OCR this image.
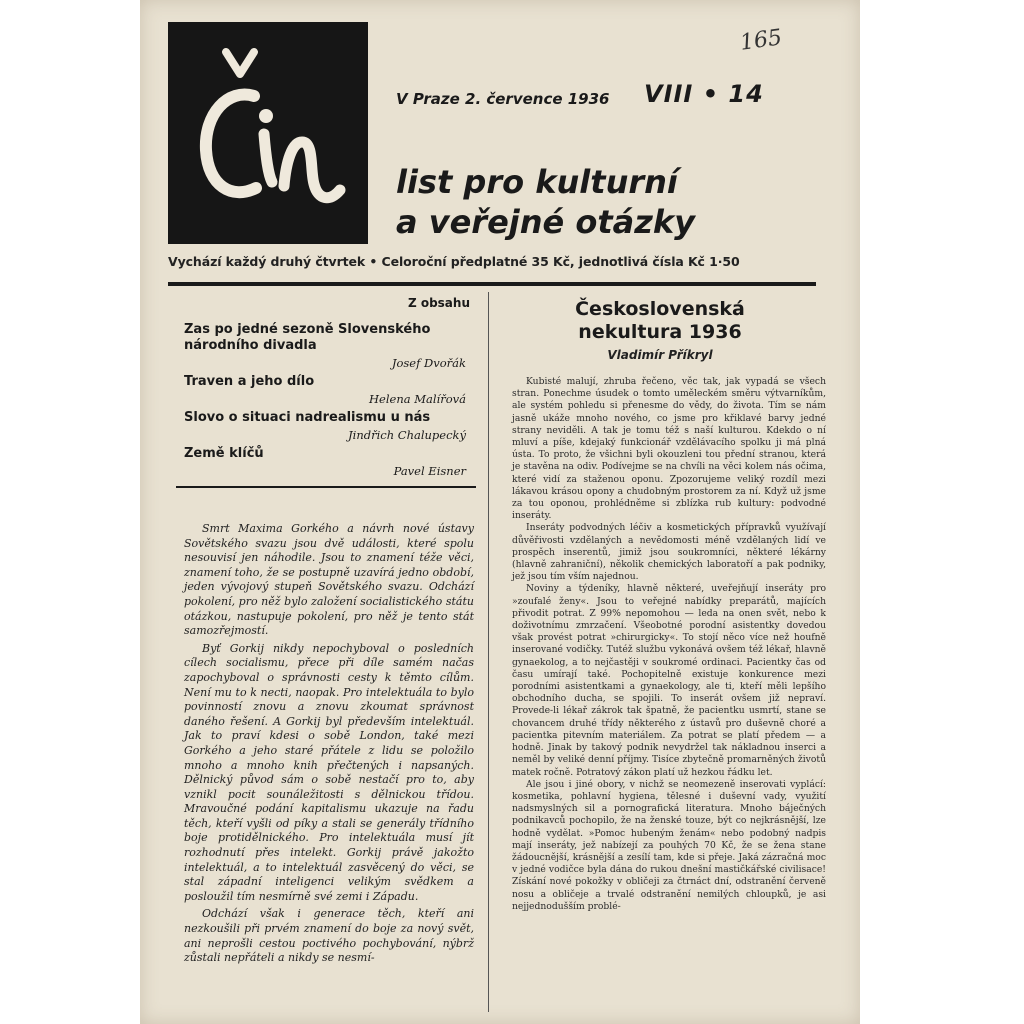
V Praze 2. července 1936 VIII • 14
165
list pro kulturní
a veřejné otázky
Vychází každý druhý čtvrtek • Celoroční předplatné 35 Kč, jednotlivá čísla Kč 1·50
Z obsahu
Zas po jedné sezoně Slovenského národního divadla
Josef Dvořák
Traven a jeho dílo
Helena Malířová
Slovo o situaci nadrealismu u nás
Jindřich Chalupecký
Země klíčů
Pavel Eisner

Smrt Maxima Gorkého a návrh nové ústavy Sovětského svazu jsou dvě události, které spolu nesouvisí jen náhodile. Jsou to znamení téže věci, znamení toho, že se postupně uzavírá jedno období, jeden vývojový stupeň Sovětského svazu. Odchází pokolení, pro něž bylo založení socialistického státu otázkou, nastupuje pokolení, pro něž je tento stát samozřejmostí.

Byť Gorkij nikdy nepochyboval o posledních cílech socialismu, přece při díle samém načas zapochyboval o správnosti cesty k těmto cílům. Není mu to k necti, naopak. Pro intelektuála to bylo povinností znovu a znovu zkoumat správnost daného řešení. A Gorkij byl především intelektuál. Jak to praví kdesi o sobě London, také mezi Gorkého a jeho staré přátele z lidu se položilo mnoho a mnoho knih přečtených i napsaných. Dělnický původ sám o sobě nestačí pro to, aby vznikl pocit sounáležitosti s dělnickou třídou. Mravoučné podání kapitalismu ukazuje na řadu těch, kteří vyšli od píky a stali se generály třídního boje protidělnického. Pro intelektuála musí jít rozhodnutí přes intelekt. Gorkij právě jakožto intelektuál, a to intelektuál zasvěcený do věci, se stal západní inteligenci velikým svědkem a posloužil tím nesmírně své zemi i Západu.

Odchází však i generace těch, kteří ani nezkoušili při prvém znamení do boje za nový svět, ani neprošli cestou poctivého pochybování, nýbrž zůstali nepřáteli a nikdy se nesmí-

Československá
nekultura 1936
Vladimír Příkryl

Kubisté malují, zhruba řečeno, věc tak, jak vypadá se všech stran. Ponechme úsudek o tomto uměleckém směru výtvarníkům, ale systém pohledu si přenesme do vědy, do života. Tím se nám jasně ukáže mnoho nového, co jsme pro křiklavé barvy jedné strany neviděli. A tak je tomu též s naší kulturou. Kdekdo o ní mluví a píše, kdejaký funkcionář vzdělávacího spolku ji má plná ústa. To proto, že všichni byli okouzleni tou přední stranou, která je stavěna na odiv. Podívejme se na chvíli na věci kolem nás očima, které vidí za staženou oponu. Zpozorujeme veliký rozdíl mezi lákavou krásou opony a chudobným prostorem za ní. Když už jsme za tou oponou, prohlédněme si zblízka rub kultury: podvodné inseráty.

Inseráty podvodných léčiv a kosmetických přípravků využívají důvěřivosti vzdělaných a nevědomosti méně vzdělaných lidí ve prospěch inserentů, jimiž jsou soukromníci, některé lékárny (hlavně zahraniční), několik chemických laboratoří a pak podniky, jež jsou tím vším najednou.

Noviny a týdeníky, hlavně některé, uveřejňují inseráty pro »zoufalé ženy«. Jsou to veřejné nabídky preparátů, majících přivodit potrat. Z 99% nepomohou — leda na onen svět, nebo k doživotnímu zmrzačení. Všeobotné porodní asistentky dovedou však provést potrat »chirurgicky«. To stojí něco více než houfně inserované vodičky. Tutéž službu vykonává ovšem též lékař, hlavně gynaekolog, a to nejčastěji v soukromé ordinaci. Pacientky čas od času umírají také. Pochopitelně existuje konkurence mezi porodními asistentkami a gynaekology, ale ti, kteří měli lepšího obchodního ducha, se spojili. To inserát ovšem již nepraví. Provede-li lékař zákrok tak špatně, že pacientku usmrtí, stane se chovancem druhé třídy některého z ústavů pro duševně choré a pacientka pitevním materiálem. Za potrat se platí předem — a hodně. Jinak by takový podnik nevydržel tak nákladnou inserci a neměl by veliké denní příjmy. Tisíce zbytečně promarněných životů matek ročně. Potratový zákon platí už hezkou řádku let.

Ale jsou i jiné obory, v nichž se neomezeně inserovati vyplácí: kosmetika, pohlavní hygiena, tělesné i duševní vady, využití nadsmyslných sil a pornografická literatura. Mnoho báječných podnikavců pochopilo, že na ženské touze, být co nejkrásnější, lze hodně vydělat. »Pomoc hubeným ženám« nebo podobný nadpis mají inseráty, jež nabízejí za pouhých 70 Kč, že se žena stane žádoucnější, krásnější a zesílí tam, kde si přeje. Jaká zázračná moc v jedné vodičce byla dána do rukou dnešní mastičkářské civilisace! Získání nové pokožky v obličeji za čtrnáct dní, odstranění červeně nosu a obličeje a trvalé odstranění nemilých chloupků, je asi nejjednodušším problé-
